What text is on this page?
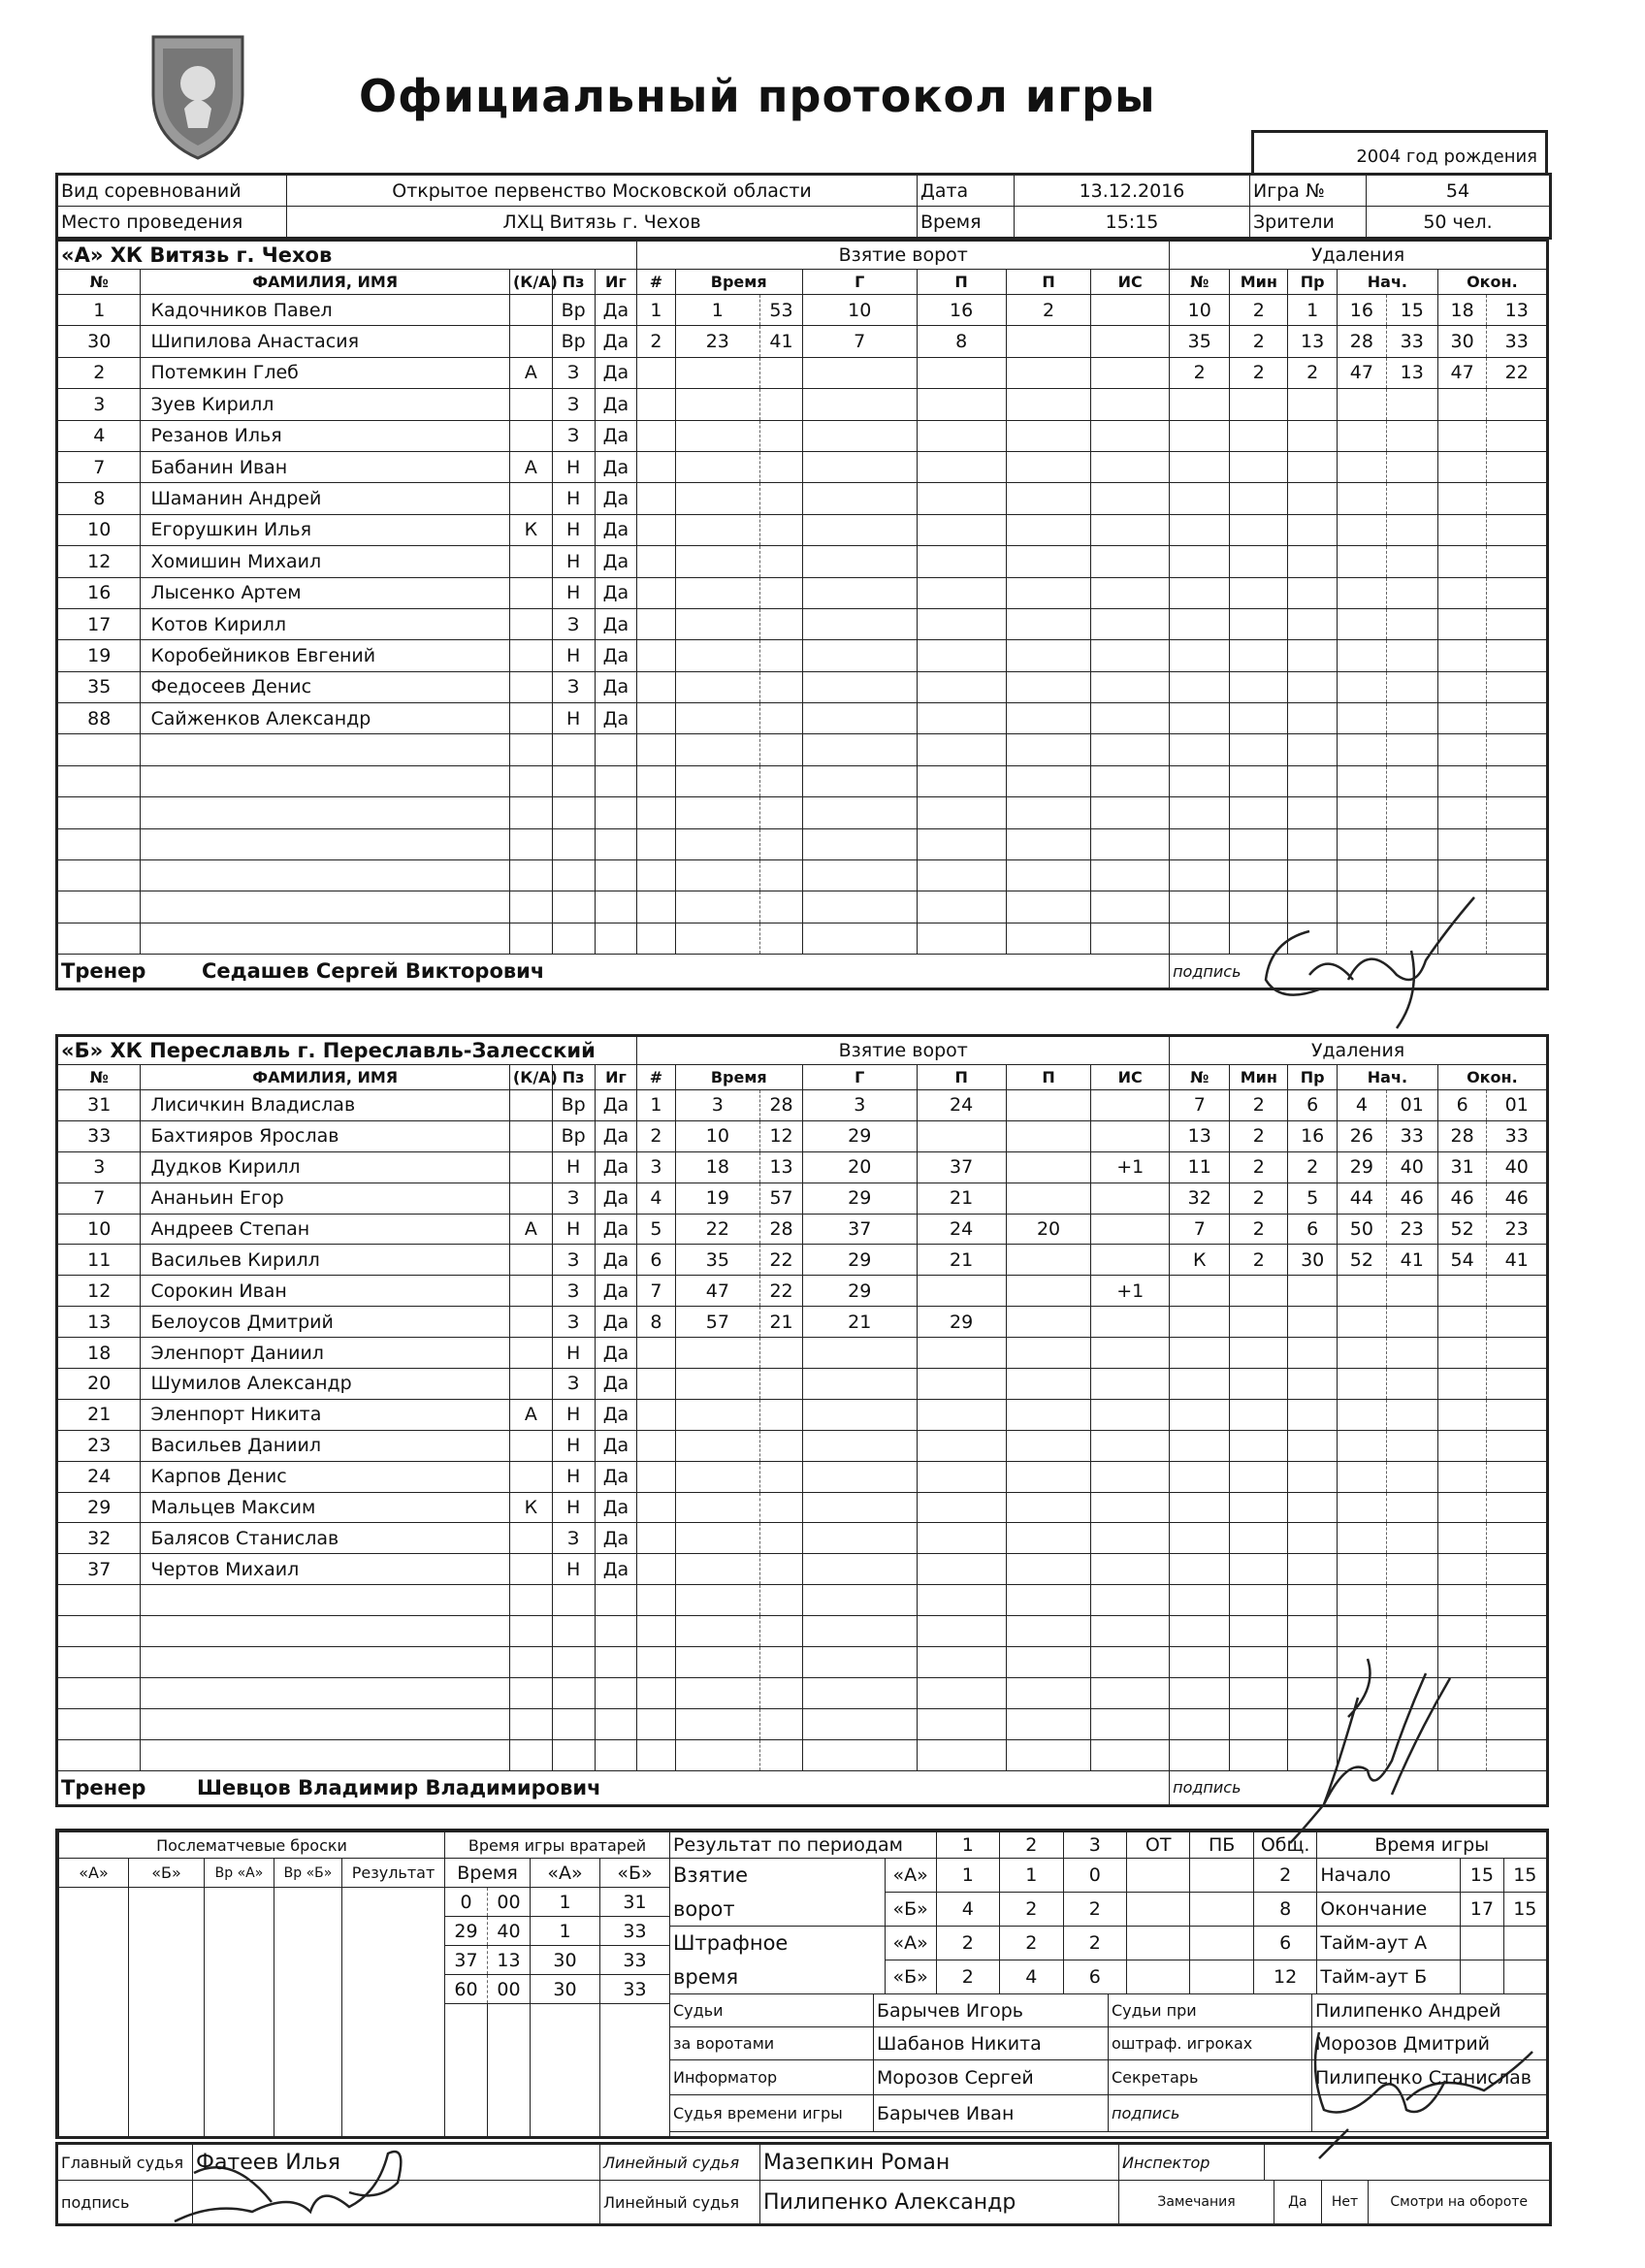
Официальный протокол игры
2004 год рождения
Вид соревнований	Открытое первенство Московской области	Дата	13.12.2016	Игра №	54
Место проведения	ЛХЦ Витязь г. Чехов	Время	15:15	Зрители	50 чел.
«А» ХК Витязь г. Чехов					Взятие ворот							Удаления						
№	ФАМИЛИЯ, ИМЯ	(К/А)	Пз	Иг	#	Время		Г	П	П	ИС	№	Мин	Пр	Нач.		Окон.	
1	Кадочников Павел		Вр	Да	1	1	53	10	16	2		10	2	1	16	15	18	13
30	Шипилова Анастасия		Вр	Да	2	23	41	7	8			35	2	13	28	33	30	33
2	Потемкин Глеб	А	З	Да								2	2	2	47	13	47	22
3	Зуев Кирилл		З	Да														
4	Резанов Илья		З	Да														
7	Бабанин Иван	А	Н	Да														
8	Шаманин Андрей		Н	Да														
10	Егорушкин Илья	К	Н	Да														
12	Хомишин Михаил		Н	Да														
16	Лысенко Артем		Н	Да														
17	Котов Кирилл		З	Да														
19	Коробейников Евгений		Н	Да														
35	Федосеев Денис		З	Да														
88	Сайженков Александр		Н	Да														

Тренер Седашев Сергей Викторович												подпись						
«Б» ХК Переславль г. Переславль-Залесский					Взятие ворот							Удаления						
№	ФАМИЛИЯ, ИМЯ	(К/А)	Пз	Иг	#	Время		Г	П	П	ИС	№	Мин	Пр	Нач.		Окон.	
31	Лисичкин Владислав		Вр	Да	1	3	28	3	24			7	2	6	4	01	6	01
33	Бахтияров Ярослав		Вр	Да	2	10	12	29				13	2	16	26	33	28	33
3	Дудков Кирилл		Н	Да	3	18	13	20	37		+1	11	2	2	29	40	31	40
7	Ананьин Егор		З	Да	4	19	57	29	21			32	2	5	44	46	46	46
10	Андреев Степан	А	Н	Да	5	22	28	37	24	20		7	2	6	50	23	52	23
11	Васильев Кирилл		З	Да	6	35	22	29	21			К	2	30	52	41	54	41
12	Сорокин Иван		З	Да	7	47	22	29			+1							
13	Белоусов Дмитрий		З	Да	8	57	21	21	29									
18	Эленпорт Даниил		Н	Да														
20	Шумилов Александр		З	Да														
21	Эленпорт Никита	А	Н	Да														
23	Васильев Даниил		Н	Да														
24	Карпов Денис		Н	Да														
29	Мальцев Максим	К	Н	Да														
32	Балясов Станислав		З	Да														
37	Чертов Михаил		Н	Да														

Тренер Шевцов Владимир Владимирович												подпись						
Послематчевые броски				
«А»	«Б»	Вр «А»	Вр «Б»	Результат

Время игры вратарей			
Время		«А»	«Б»
0	00	1	31
29	40	1	33
37	13	30	33
60	00	30	33

Результат по периодам		1	2	3	ОТ	ПБ	Общ.	Время игры		
Взятие	«А»	1	1	0			2	Начало	15	15
ворот	«Б»	4	2	2			8	Окончание	17	15
Штрафное	«А»	2	2	2			6	Тайм-аут А		
время	«Б»	2	4	6			12	Тайм-аут Б		
Судьи	Барычев Игорь	Судьи при	Пилипенко Андрей
за воротами	Шабанов Никита	оштраф. игроках	Морозов Дмитрий
Информатор	Морозов Сергей	Секретарь	Пилипенко Станислав
Судья времени игры	Барычев Иван	подпись	
Главный судья	Фатеев Илья	Линейный судья	Мазепкин Роман	Инспектор	
подпись		Линейный судья	Пилипенко Александр		Замечания	Да	Нет	Смотри на обороте
